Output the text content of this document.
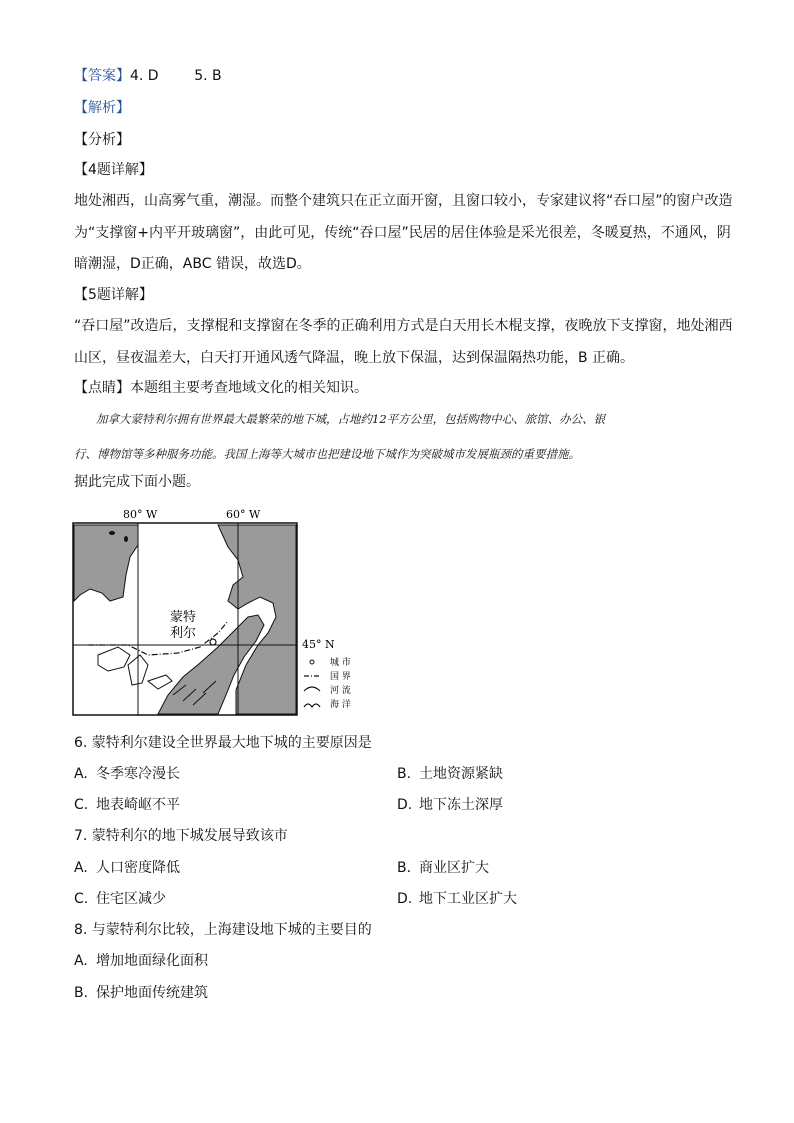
【答案】4. D        5. B
【解析】
【分析】
【4题详解】
地处湘西，山高雾气重，潮湿。而整个建筑只在正立面开窗，且窗口较小，专家建议将“吞口屋”的窗户改造
为“支撑窗+内平开玻璃窗”，由此可见，传统“吞口屋”民居的居住体验是采光很差，冬暖夏热，不通风，阴
暗潮湿，D正确，ABC 错误，故选D。
【5题详解】
“吞口屋”改造后，支撑棍和支撑窗在冬季的正确利用方式是白天用长木棍支撑，夜晚放下支撑窗，地处湘西
山区，昼夜温差大，白天打开通风透气降温，晚上放下保温，达到保温隔热功能，B 正确。
【点睛】本题组主要考查地域文化的相关知识。
加拿大蒙特利尔拥有世界最大最繁荣的地下城，占地约12平方公里，包括购物中心、旅馆、办公、银
行、博物馆等多种服务功能。我国上海等大城市也把建设地下城作为突破城市发展瓶颈的重要措施。
据此完成下面小题。
80° W	60° W
45° N
蒙特
利尔
城 市
国 界
河 流
海 洋
6. 蒙特利尔建设全世界最大地下城的主要原因是
A. 冬季寒冷漫长	B. 土地资源紧缺
C. 地表崎岖不平	D. 地下冻土深厚
7. 蒙特利尔的地下城发展导致该市
A. 人口密度降低	B. 商业区扩大
C. 住宅区减少	D. 地下工业区扩大
8. 与蒙特利尔比较，上海建设地下城的主要目的
A. 增加地面绿化面积
B. 保护地面传统建筑
